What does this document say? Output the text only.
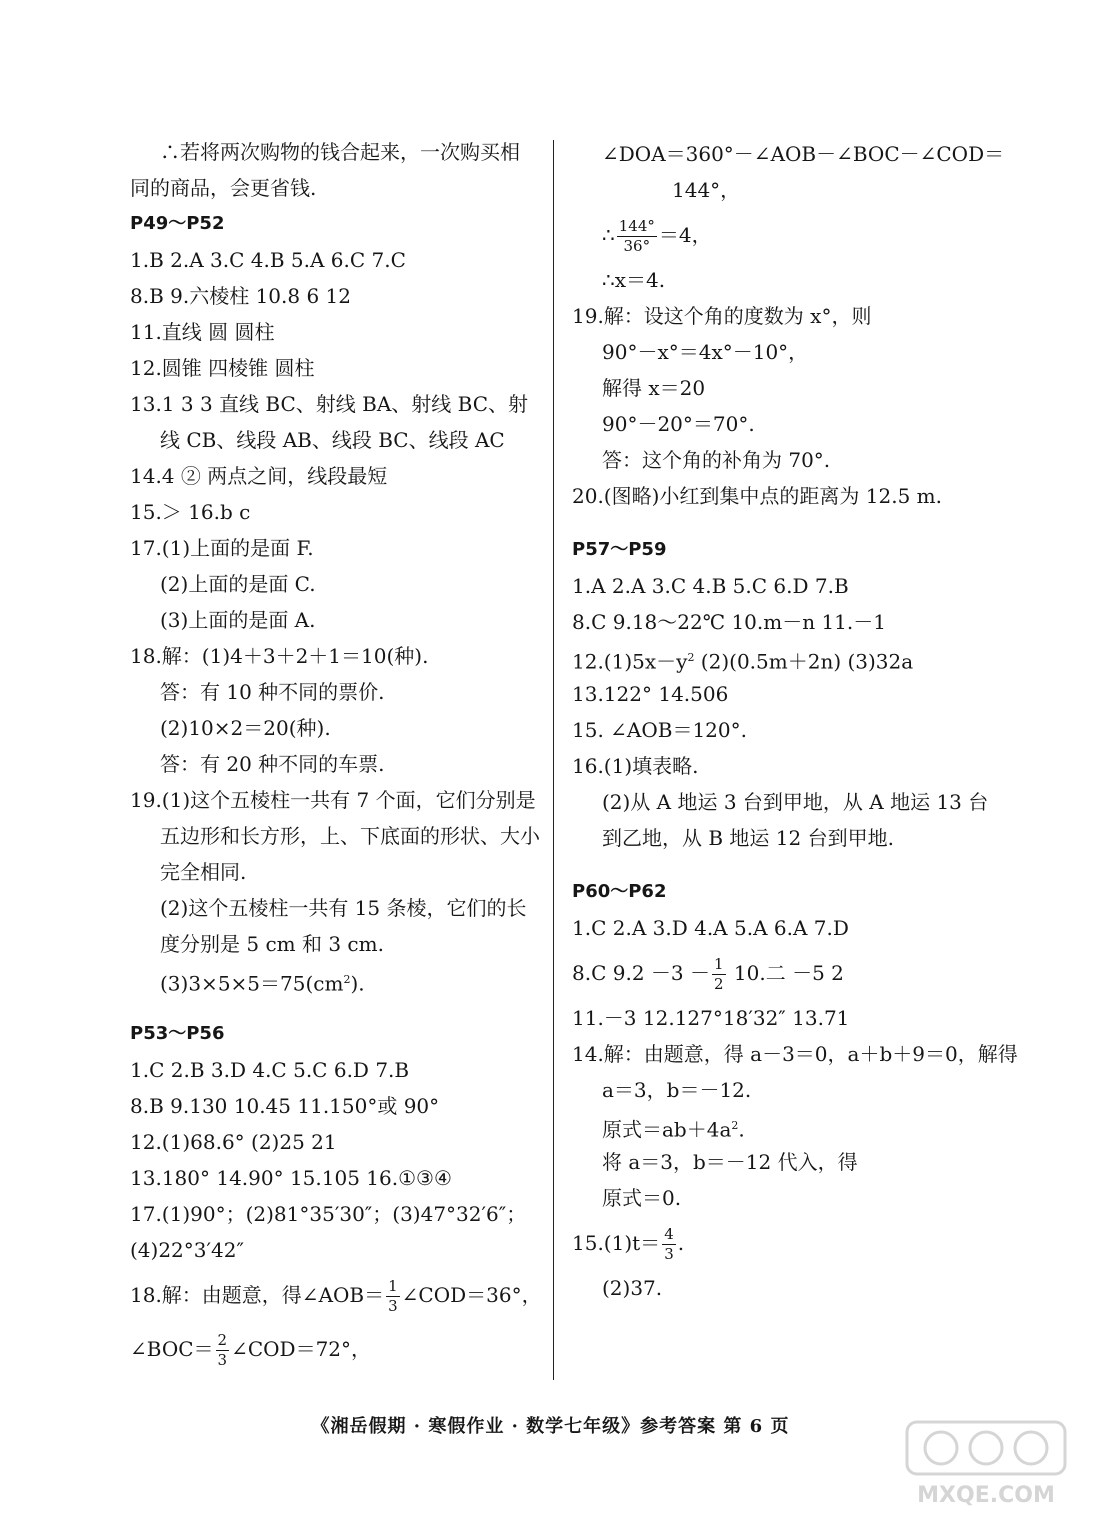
∴若将两次购物的钱合起来，一次购买相
同的商品，会更省钱.
P49～P52
1.B 2.A 3.C 4.B 5.A 6.C 7.C
8.B 9.六棱柱 10.8 6 12
11.直线 圆 圆柱
12.圆锥 四棱锥 圆柱
13.1 3 3 直线 BC、射线 BA、射线 BC、射
线 CB、线段 AB、线段 BC、线段 AC
14.4 ② 两点之间，线段最短
15.＞ 16.b c
17.(1)上面的是面 F.
(2)上面的是面 C.
(3)上面的是面 A.
18.解：(1)4＋3＋2＋1＝10(种).
答：有 10 种不同的票价.
(2)10×2＝20(种).
答：有 20 种不同的车票.
19.(1)这个五棱柱一共有 7 个面，它们分别是
五边形和长方形，上、下底面的形状、大小
完全相同.
(2)这个五棱柱一共有 15 条棱，它们的长
度分别是 5 cm 和 3 cm.
$(3)3\times 5\times 5=75(cm^2)$.
P53～P56
1.C 2.B 3.D 4.C 5.C 6.D 7.B
8.B 9.130 10.45 11.150°或 90°
12.(1)68.6° (2)25 21
13.180° 14.90° 15.105 16.①③④
17.(1)90°；(2)81°35′30″；(3)47°32′6″；
(4)22°3′42″
18.解：由题意，得∠AOB＝ $\frac{1}{3}$ ∠COD＝36°，
∠BOC＝ $\frac{2}{3}$ ∠COD＝72°，
∠DOA＝360°－∠AOB－∠BOC－∠COD＝
144°，
∴ $\frac{144^\circ}{36^\circ} =4$，
∴x＝4.
19.解：设这个角的度数为 x°，则
90°－x°＝4x°－10°，
解得 x＝20
90°－20°＝70°.
答：这个角的补角为 70°.
20.(图略)小红到集中点的距离为 12.5 m.
P57～P59
1.A 2.A 3.C 4.B 5.C 6.D 7.B
8.C 9.18～22℃ 10.m－n 11.－1
$12.(1)5x-y^2$ (2)(0.5m＋2n) (3)32a
13.122° 14.506
15. ∠AOB＝120°.
16.(1)填表略.
(2)从 A 地运 3 台到甲地，从 A 地运 13 台
到乙地，从 B 地运 12 台到甲地.
P60～P62
1.C 2.A 3.D 4.A 5.A 6.A 7.D
8.C $9.2 -3 - \frac{1}{2} 10$.二 －5 2
11.－3 12.127°18′32″ 13.71
14.解：由题意，得 a－3＝0，a＋b＋9＝0，解得
a＝3，b＝－12.
原式$=ab+4a^2$.
将 a＝3，b＝－12 代入，得
原式＝0.
$15.(1)t= \frac{4}{3}$ .
(2)37.
《湘岳假期 · 寒假作业 · 数学七年级》参考答案 第 6 页
MXQE.COM
